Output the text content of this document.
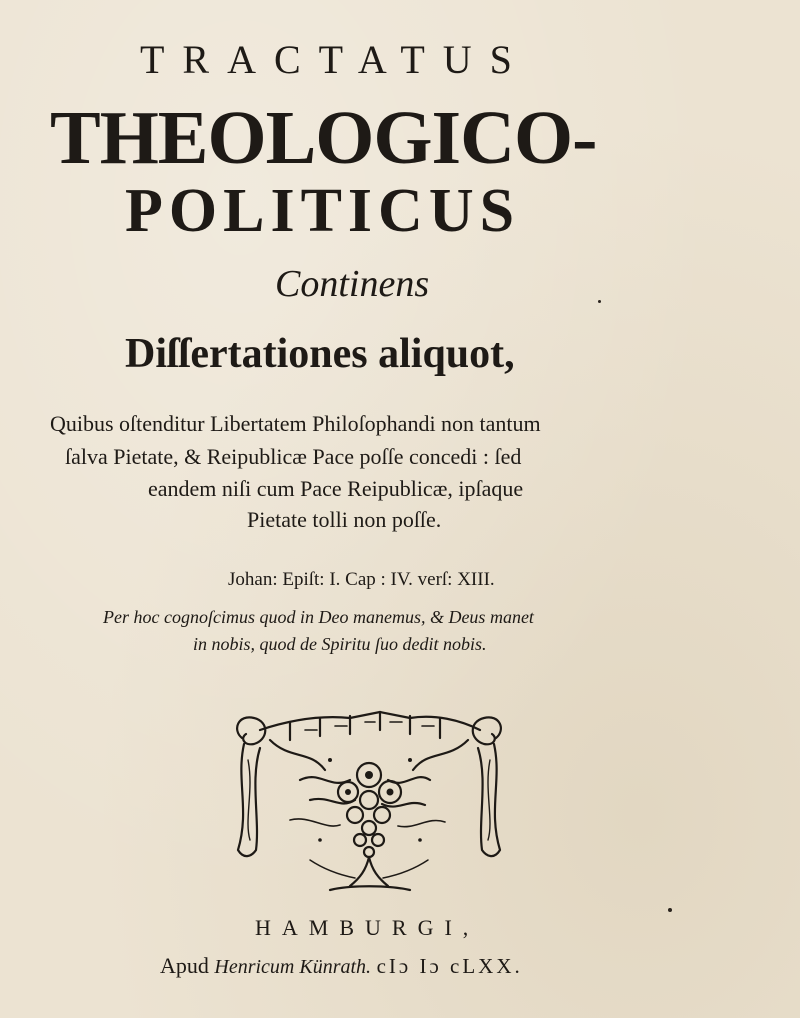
TRACTATUS
THEOLOGICO-
POLITICUS
Continens
Diſſertationes aliquot,
Quibus oſtenditur Libertatem Philoſophandi non tantum
ſalva Pietate, & Reipublicæ Pace poſſe concedi : ſed
eandem niſi cum Pace Reipublicæ, ipſaque
Pietate tolli non poſſe.
Johan: Epiſt: I. Cap : IV. verſ: XIII.
Per hoc cognoſcimus quod in Deo manemus, & Deus manet
in nobis, quod de Spiritu ſuo dedit nobis.
HAMBURGI,
Apud Henricum Künrath. cIɔ Iɔ cLXX.
